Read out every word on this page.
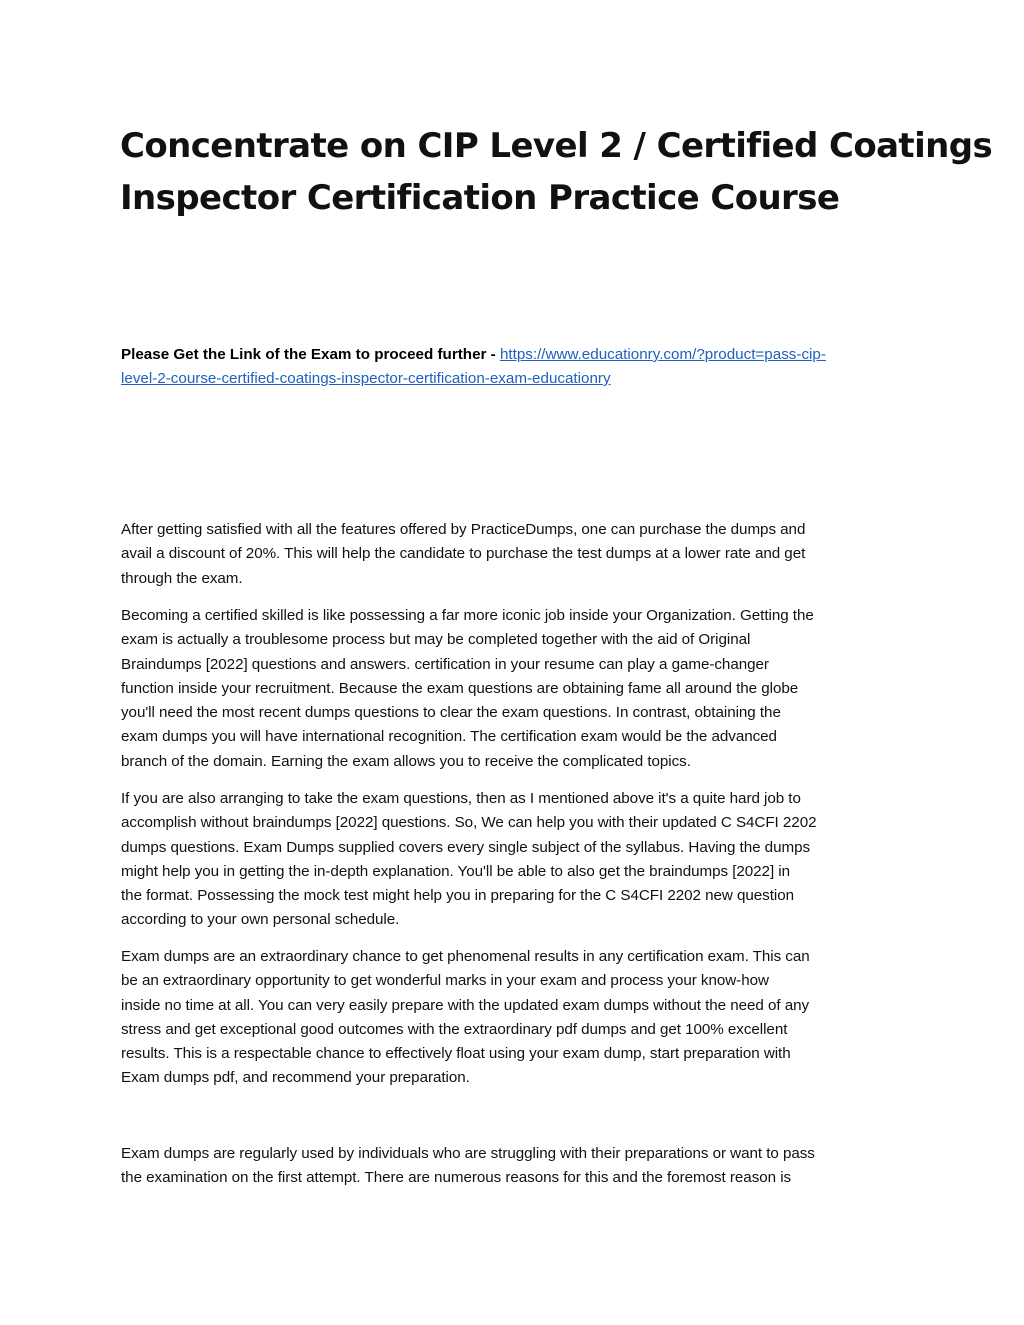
Concentrate on CIP Level 2 / Certified Coatings
Inspector Certification Practice Course

Please Get the Link of the Exam to proceed further - https://www.educationry.com/?product=pass-cip-
level-2-course-certified-coatings-inspector-certification-exam-educationry

After getting satisfied with all the features offered by PracticeDumps, one can purchase the dumps and
avail a discount of 20%. This will help the candidate to purchase the test dumps at a lower rate and get
through the exam.

Becoming a certified skilled is like possessing a far more iconic job inside your Organization. Getting the
exam is actually a troublesome process but may be completed together with the aid of Original
Braindumps [2022] questions and answers. certification in your resume can play a game-changer
function inside your recruitment. Because the exam questions are obtaining fame all around the globe
you'll need the most recent dumps questions to clear the exam questions. In contrast, obtaining the
exam dumps you will have international recognition. The certification exam would be the advanced
branch of the domain. Earning the exam allows you to receive the complicated topics.

If you are also arranging to take the exam questions, then as I mentioned above it's a quite hard job to
accomplish without braindumps [2022] questions. So, We can help you with their updated C S4CFI 2202
dumps questions. Exam Dumps supplied covers every single subject of the syllabus. Having the dumps
might help you in getting the in-depth explanation. You'll be able to also get the braindumps [2022] in
the format. Possessing the mock test might help you in preparing for the C S4CFI 2202 new question
according to your own personal schedule.

Exam dumps are an extraordinary chance to get phenomenal results in any certification exam. This can
be an extraordinary opportunity to get wonderful marks in your exam and process your know-how
inside no time at all. You can very easily prepare with the updated exam dumps without the need of any
stress and get exceptional good outcomes with the extraordinary pdf dumps and get 100% excellent
results. This is a respectable chance to effectively float using your exam dump, start preparation with
Exam dumps pdf, and recommend your preparation.

Exam dumps are regularly used by individuals who are struggling with their preparations or want to pass
the examination on the first attempt. There are numerous reasons for this and the foremost reason is
